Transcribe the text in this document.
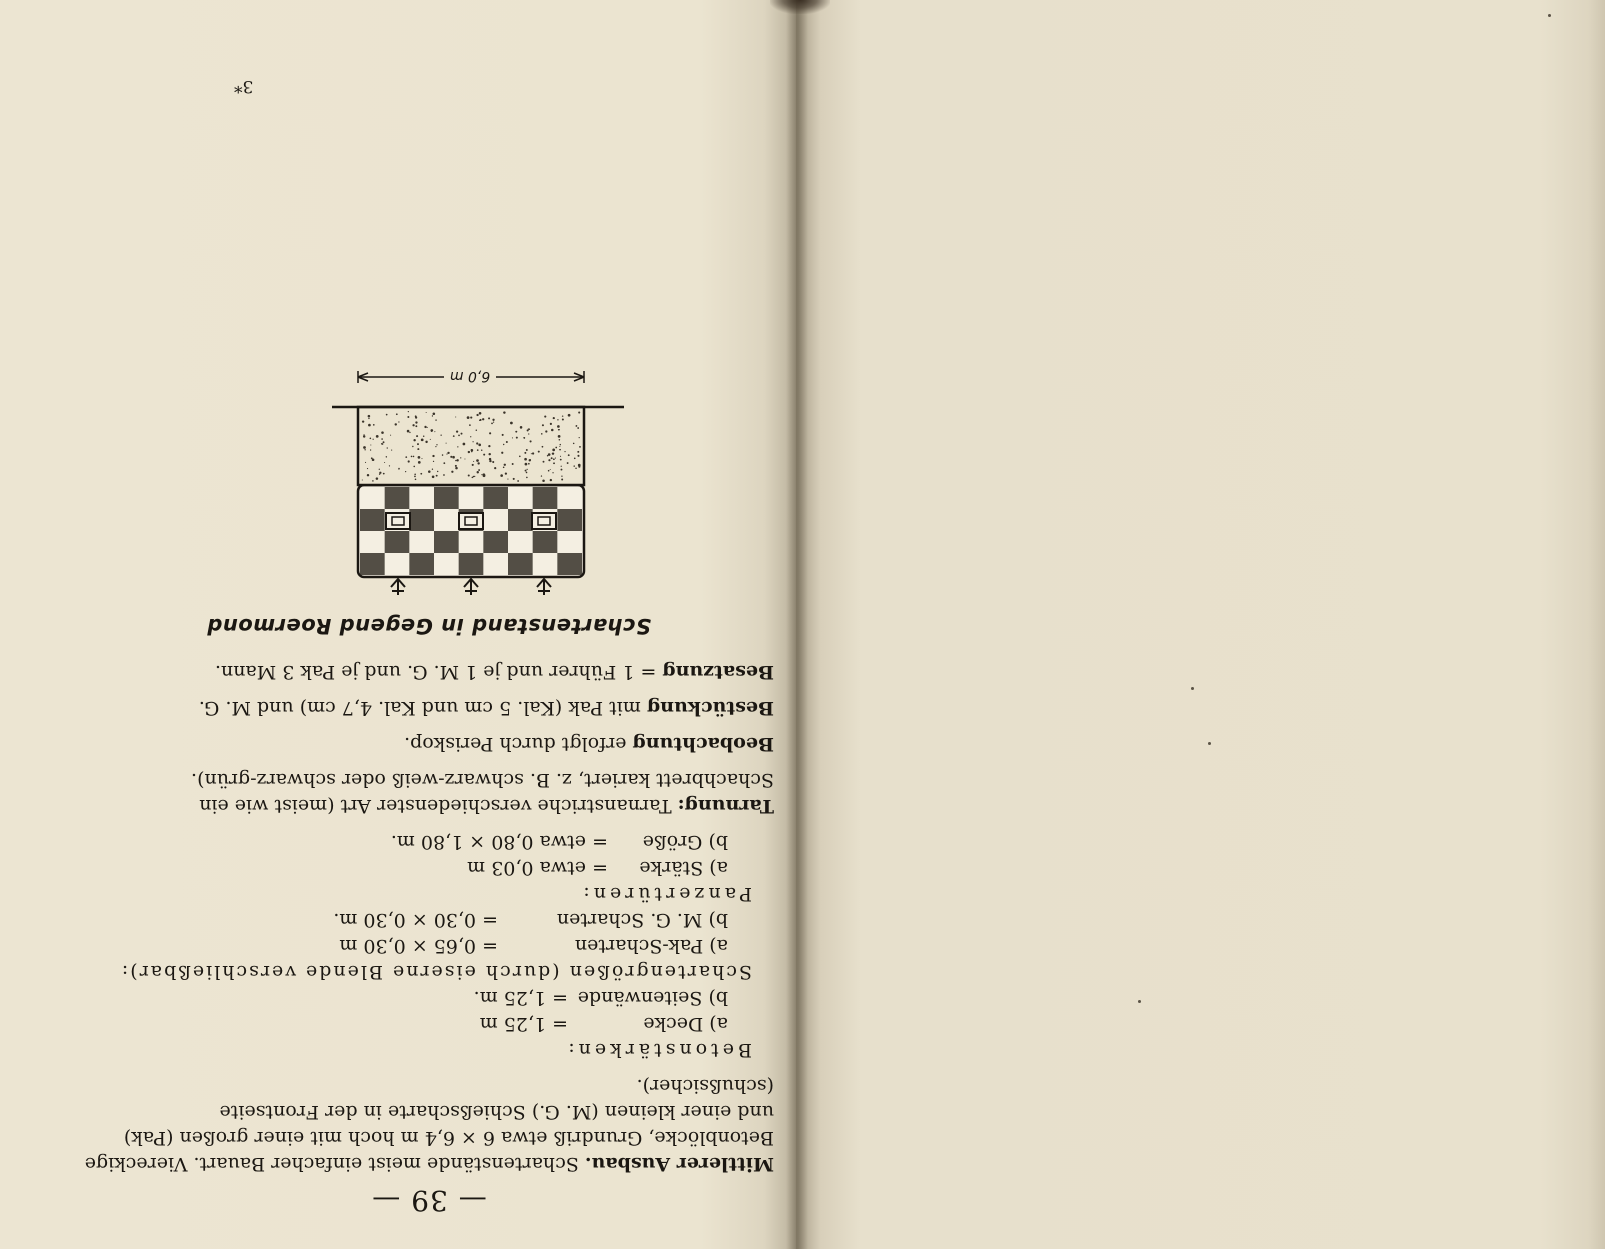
— 39 —

Mittlerer Ausbau. Schartenstände meist einfacher Bauart. Viereckige Betonblöcke, Grundriß etwa 6 × 6,4 m hoch mit einer großen (Pak) und einer kleinen (M. G.) Schießscharte in der Frontseite (schußsicher).

Betonstärken:

a) Decke= 1,25 m
b) Seitenwände= 1,25 m.

Schartengrößen (durch eiserne Blende verschließbar):

a) Pak-Scharten= 0,65 × 0,30 m
b) M. G. Scharten= 0,30 × 0,30 m.

Panzertüren:

a) Stärke= etwa 0,03 m
b) Größe= etwa 0,80 × 1,80 m.

Tarnung: Tarnanstriche verschiedenster Art (meist wie ein Schachbrett kariert, z. B. schwarz-weiß oder schwarz-grün).

Beobachtung erfolgt durch Periskop.

Bestückung mit Pak (Kal. 5 cm und Kal. 4,7 cm) und M. G.

Besatzung = 1 Führer und je 1 M. G. und je Pak 3 Mann.

Schartenstand in Gegend Roermond
6,0 m
3*
